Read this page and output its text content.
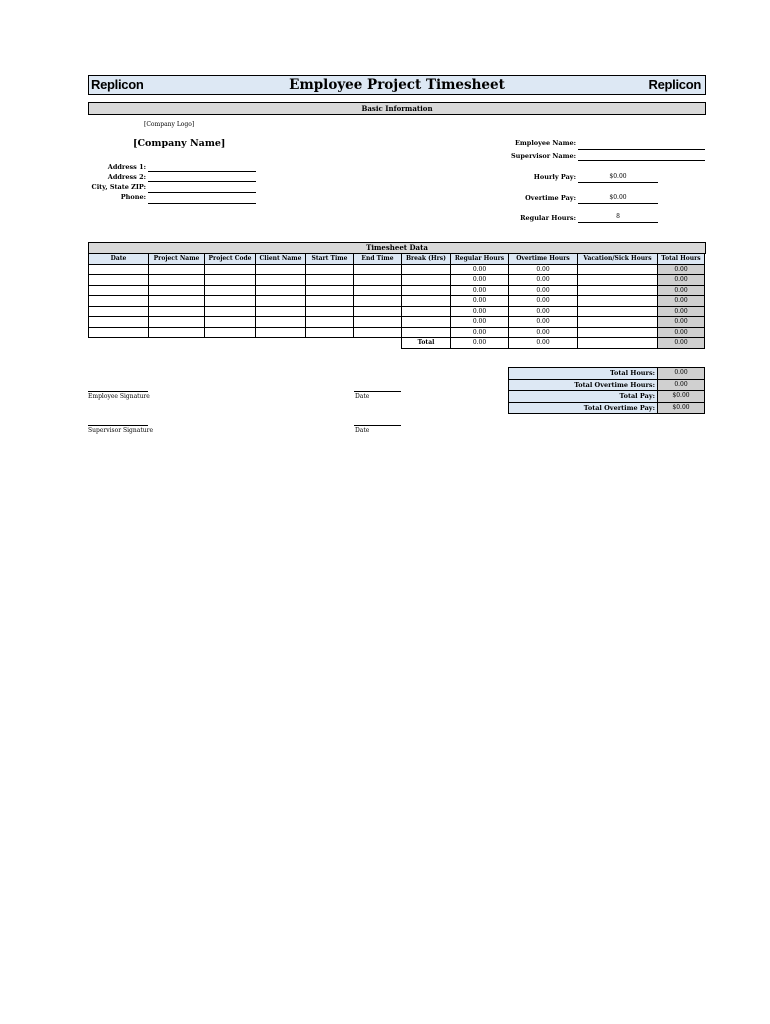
Replicon	Employee Project Timesheet	Replicon
Basic Information
[Company Logo]
[Company Name]
Address 1:
Address 2:
City, State ZIP:
Phone:
Employee Name:
Supervisor Name:
Hourly Pay:	$0.00
Overtime Pay:	$0.00
Regular Hours:	8
Timesheet Data
Date	Project Name	Project Code	Client Name	Start Time	End Time	Break (Hrs)	Regular Hours	Overtime Hours	Vacation/Sick Hours	Total Hours
							0.00	0.00		0.00
							0.00	0.00		0.00
							0.00	0.00		0.00
							0.00	0.00		0.00
							0.00	0.00		0.00
							0.00	0.00		0.00
							0.00	0.00		0.00
						Total	0.00	0.00		0.00
Total Hours:	0.00
Total Overtime Hours:	0.00
Total Pay:	$0.00
Total Overtime Pay:	$0.00
Employee Signature	Date
Supervisor Signature	Date
